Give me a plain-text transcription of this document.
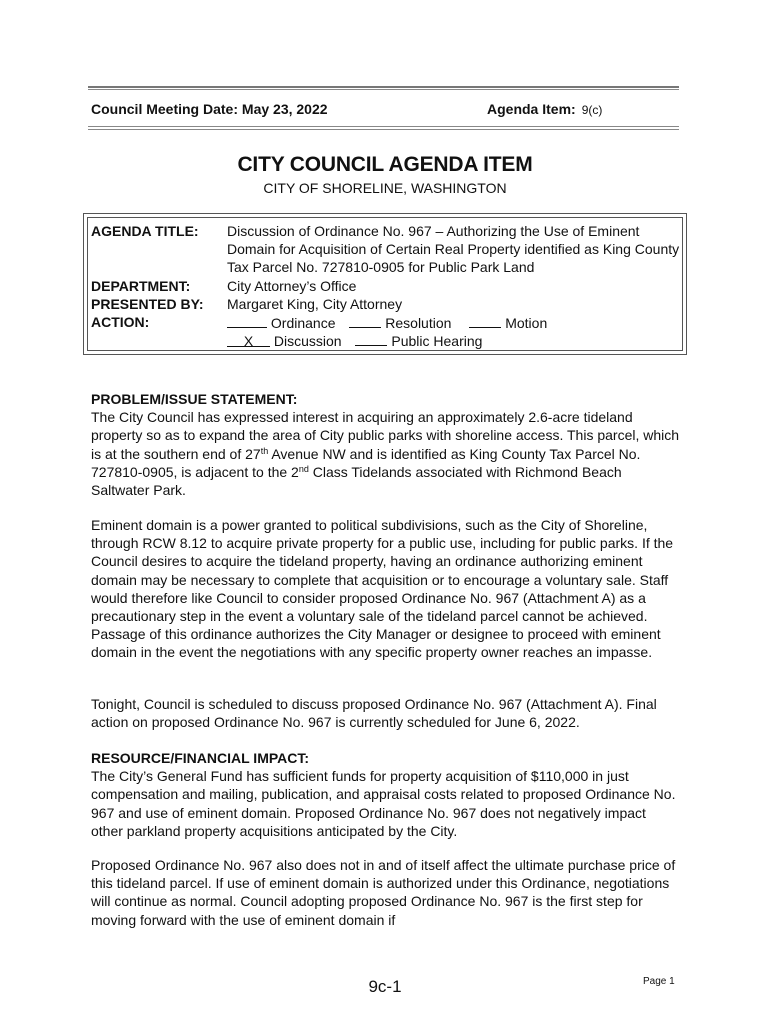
Council Meeting Date: May 23, 2022	Agenda Item: 9(c)
CITY COUNCIL AGENDA ITEM
CITY OF SHORELINE, WASHINGTON
AGENDA TITLE: Discussion of Ordinance No. 967 – Authorizing the Use of Eminent Domain for Acquisition of Certain Real Property identified as King County Tax Parcel No. 727810-0905 for Public Park Land
DEPARTMENT:	City Attorney’s Office
PRESENTED BY: Margaret King, City Attorney
ACTION:	Ordinance	Resolution	Motion
X Discussion	Public Hearing
PROBLEM/ISSUE STATEMENT:

The City Council has expressed interest in acquiring an approximately 2.6-acre tideland property so as to expand the area of City public parks with shoreline access. This parcel, which is at the southern end of 27th Avenue NW and is identified as King County Tax Parcel No. 727810-0905, is adjacent to the 2nd Class Tidelands associated with Richmond Beach Saltwater Park.

Eminent domain is a power granted to political subdivisions, such as the City of Shoreline, through RCW 8.12 to acquire private property for a public use, including for public parks. If the Council desires to acquire the tideland property, having an ordinance authorizing eminent domain may be necessary to complete that acquisition or to encourage a voluntary sale. Staff would therefore like Council to consider proposed Ordinance No. 967 (Attachment A) as a precautionary step in the event a voluntary sale of the tideland parcel cannot be achieved. Passage of this ordinance authorizes the City Manager or designee to proceed with eminent domain in the event the negotiations with any specific property owner reaches an impasse.

Tonight, Council is scheduled to discuss proposed Ordinance No. 967 (Attachment A). Final action on proposed Ordinance No. 967 is currently scheduled for June 6, 2022.

RESOURCE/FINANCIAL IMPACT:

The City’s General Fund has sufficient funds for property acquisition of $110,000 in just compensation and mailing, publication, and appraisal costs related to proposed Ordinance No. 967 and use of eminent domain. Proposed Ordinance No. 967 does not negatively impact other parkland property acquisitions anticipated by the City.

Proposed Ordinance No. 967 also does not in and of itself affect the ultimate purchase price of this tideland parcel. If use of eminent domain is authorized under this Ordinance, negotiations will continue as normal. Council adopting proposed Ordinance No. 967 is the first step for moving forward with the use of eminent domain if

9c-1	Page 1
